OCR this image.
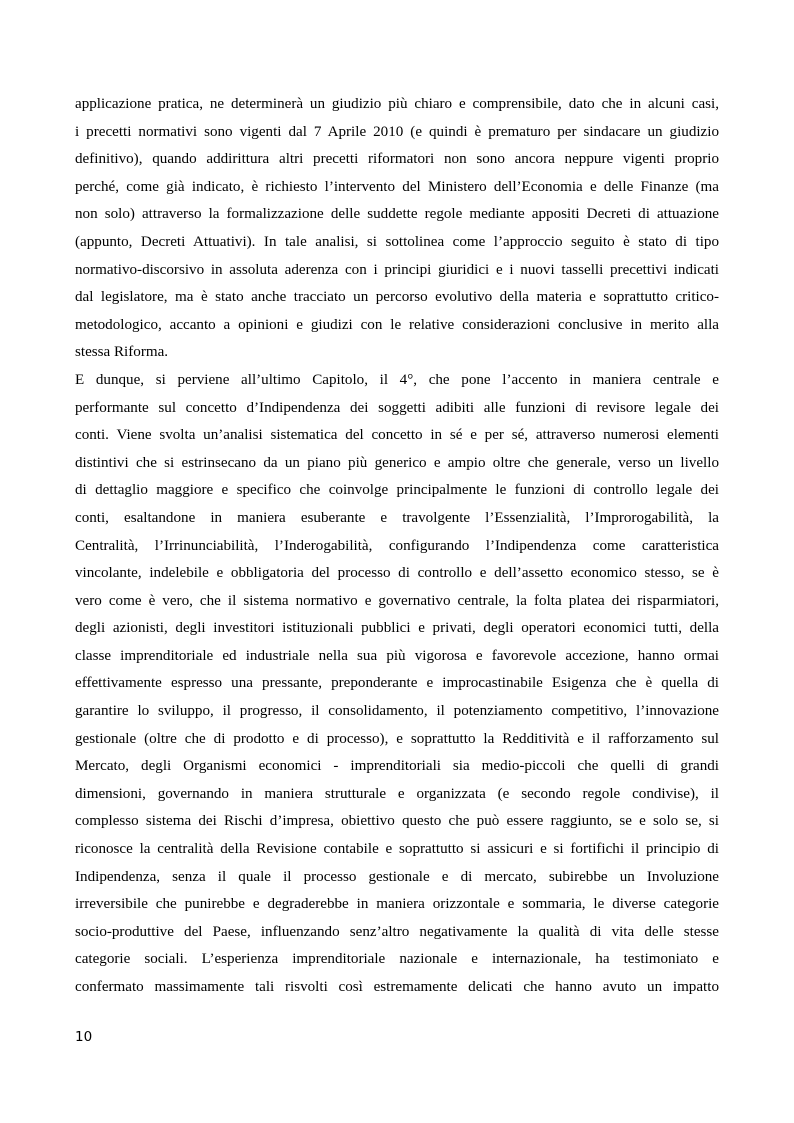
applicazione pratica, ne determinerà un giudizio più chiaro e comprensibile, dato che in alcuni casi,
i precetti normativi sono vigenti dal 7 Aprile 2010 (e quindi è prematuro per sindacare un giudizio
definitivo), quando addirittura altri precetti riformatori non sono ancora neppure vigenti proprio
perché, come già indicato, è richiesto l’intervento del Ministero dell’Economia e delle Finanze (ma
non solo) attraverso la formalizzazione delle suddette regole mediante appositi Decreti di attuazione
(appunto, Decreti Attuativi). In tale analisi, si sottolinea come l’approccio seguito è stato di tipo
normativo-discorsivo in assoluta aderenza con i principi giuridici e i nuovi tasselli precettivi indicati
dal legislatore, ma è stato anche tracciato un percorso evolutivo della materia e soprattutto critico-
metodologico, accanto a opinioni e giudizi con le relative considerazioni conclusive in merito alla
stessa Riforma.
E dunque, si perviene all’ultimo Capitolo, il 4°, che pone l’accento in maniera centrale e
performante sul concetto d’Indipendenza dei soggetti adibiti alle funzioni di revisore legale dei
conti. Viene svolta un’analisi sistematica del concetto in sé e per sé, attraverso numerosi elementi
distintivi che si estrinsecano da un piano più generico e ampio oltre che generale, verso un livello
di dettaglio maggiore e specifico che coinvolge principalmente le funzioni di controllo legale dei
conti, esaltandone in maniera esuberante e travolgente l’Essenzialità, l’Improrogabilità, la
Centralità, l’Irrinunciabilità, l’Inderogabilità, configurando l’Indipendenza come caratteristica
vincolante, indelebile e obbligatoria del processo di controllo e dell’assetto economico stesso, se è
vero come è vero, che il sistema normativo e governativo centrale, la folta platea dei risparmiatori,
degli azionisti, degli investitori istituzionali pubblici e privati, degli operatori economici tutti, della
classe imprenditoriale ed industriale nella sua più vigorosa e favorevole accezione, hanno ormai
effettivamente espresso una pressante, preponderante e improcastinabile Esigenza che è quella di
garantire lo sviluppo, il progresso, il consolidamento, il potenziamento competitivo, l’innovazione
gestionale (oltre che di prodotto e di processo), e soprattutto la Redditività e il rafforzamento sul
Mercato, degli Organismi economici - imprenditoriali sia medio-piccoli che quelli di grandi
dimensioni, governando in maniera strutturale e organizzata (e secondo regole condivise), il
complesso sistema dei Rischi d’impresa, obiettivo questo che può essere raggiunto, se e solo se, si
riconosce la centralità della Revisione contabile e soprattutto si assicuri e si fortifichi il principio di
Indipendenza, senza il quale il processo gestionale e di mercato, subirebbe un Involuzione
irreversibile che punirebbe e degraderebbe in maniera orizzontale e sommaria, le diverse categorie
socio-produttive del Paese, influenzando senz’altro negativamente la qualità di vita delle stesse
categorie sociali. L’esperienza imprenditoriale nazionale e internazionale, ha testimoniato e
confermato massimamente tali risvolti così estremamente delicati che hanno avuto un impatto
10
